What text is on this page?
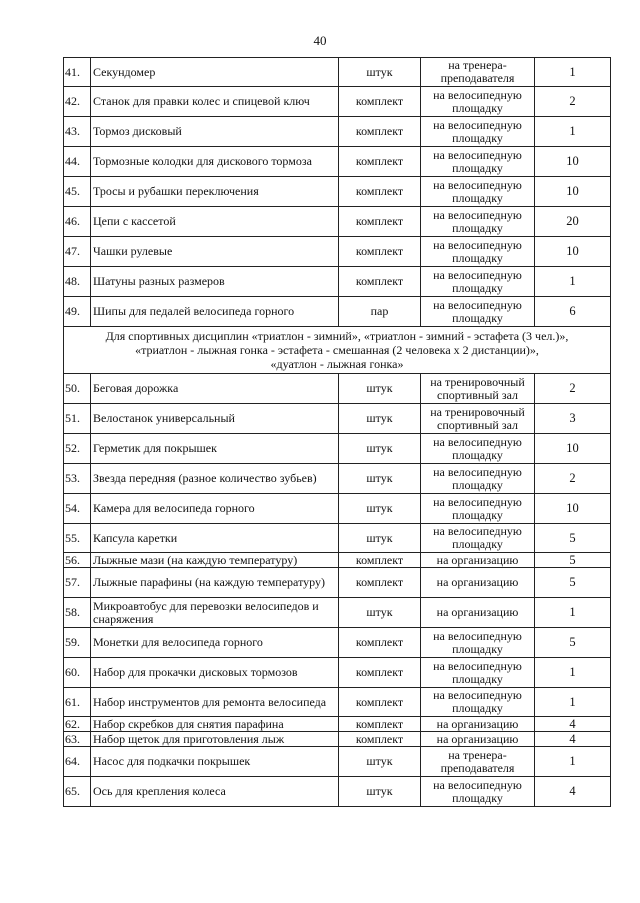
40
41.	Секундомер	штук	на тренера-преподавателя	1
42.	Станок для правки колес и спицевой ключ	комплект	на велосипедную площадку	2
43.	Тормоз дисковый	комплект	на велосипедную площадку	1
44.	Тормозные колодки для дискового тормоза	комплект	на велосипедную площадку	10
45.	Тросы и рубашки переключения	комплект	на велосипедную площадку	10
46.	Цепи с кассетой	комплект	на велосипедную площадку	20
47.	Чашки рулевые	комплект	на велосипедную площадку	10
48.	Шатуны разных размеров	комплект	на велосипедную площадку	1
49.	Шипы для педалей велосипеда горного	пар	на велосипедную площадку	6

Для спортивных дисциплин «триатлон - зимний», «триатлон - зимний - эстафета (3 чел.)»,
«триатлон - лыжная гонка - эстафета - смешанная (2 человека х 2 дистанции)»,
«дуатлон - лыжная гонка»				

50.	Беговая дорожка	штук	на тренировочный спортивный зал	2
51.	Велостанок универсальный	штук	на тренировочный спортивный зал	3
52.	Герметик для покрышек	штук	на велосипедную площадку	10
53.	Звезда передняя (разное количество зубьев)	штук	на велосипедную площадку	2
54.	Камера для велосипеда горного	штук	на велосипедную площадку	10
55.	Капсула каретки	штук	на велосипедную площадку	5
56.	Лыжные мази (на каждую температуру)	комплект	на организацию	5
57.	Лыжные парафины (на каждую температуру)	комплект	на организацию	5
58.	Микроавтобус для перевозки велосипедов и снаряжения	штук	на организацию	1
59.	Монетки для велосипеда горного	комплект	на велосипедную площадку	5
60.	Набор для прокачки дисковых тормозов	комплект	на велосипедную площадку	1
61.	Набор инструментов для ремонта велосипеда	комплект	на велосипедную площадку	1
62.	Набор скребков для снятия парафина	комплект	на организацию	4
63.	Набор щеток для приготовления лыж	комплект	на организацию	4
64.	Насос для подкачки покрышек	штук	на тренера-преподавателя	1
65.	Ось для крепления колеса	штук	на велосипедную площадку	4
